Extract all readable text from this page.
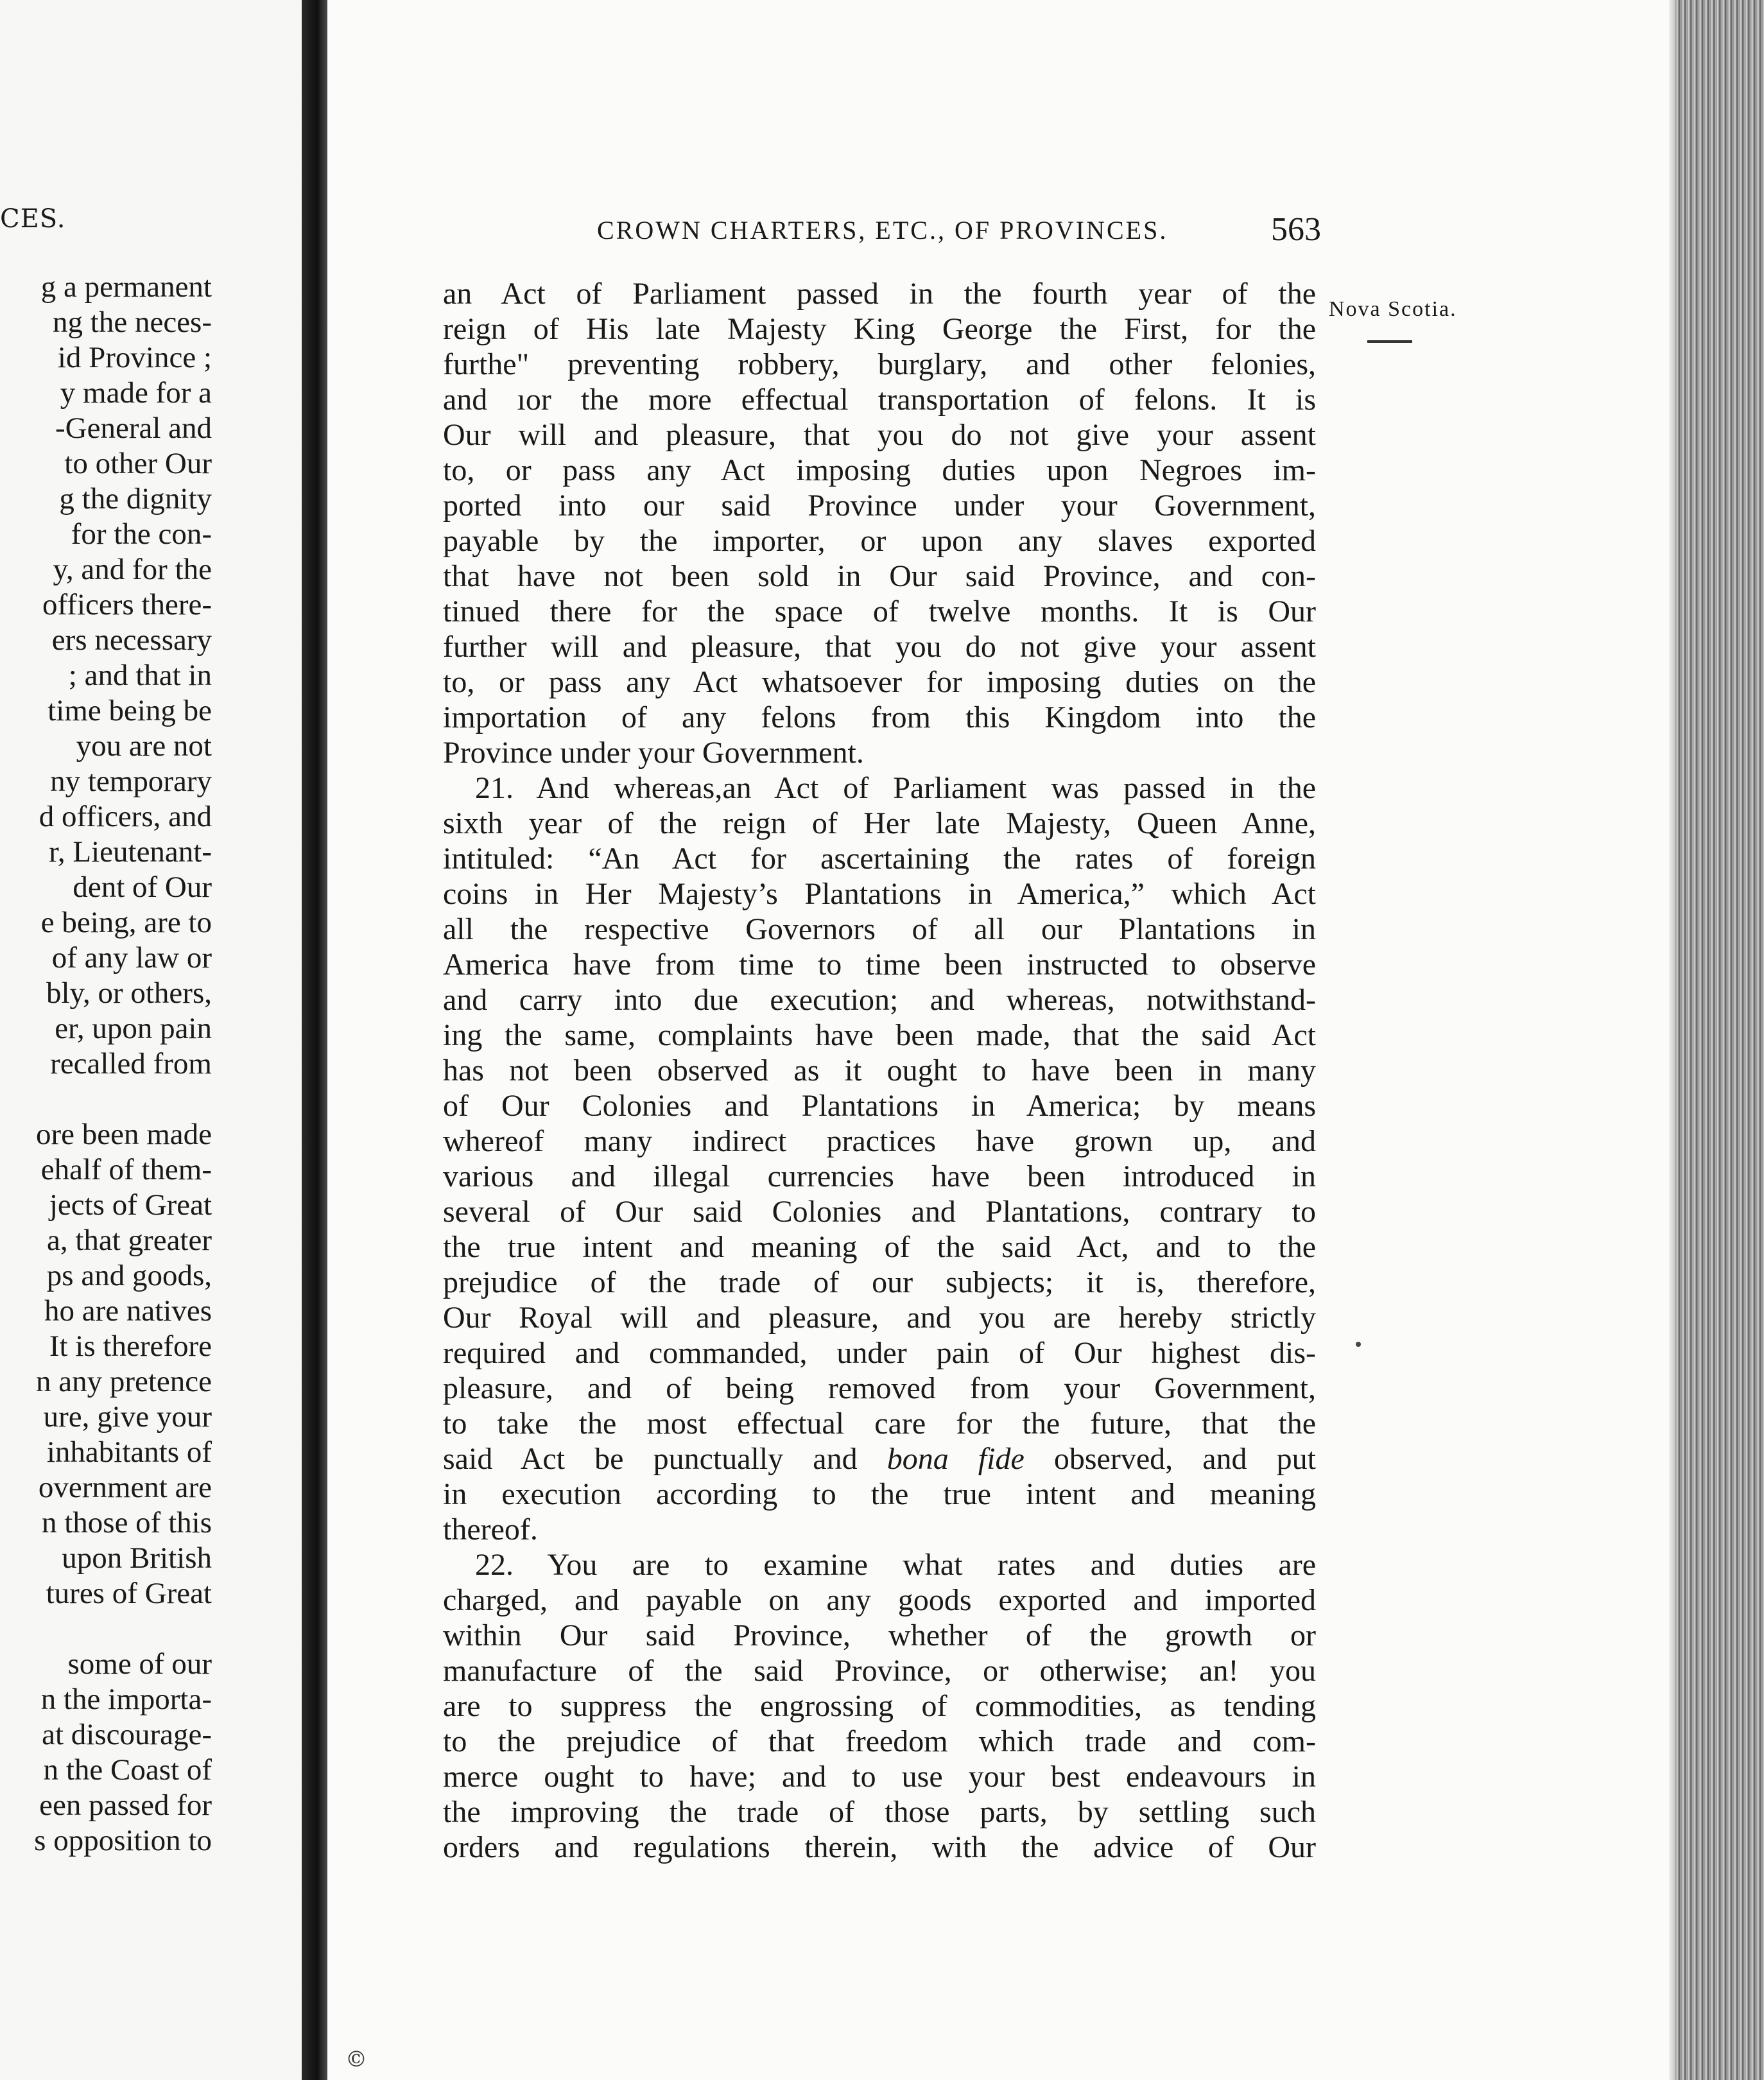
CES.
g a permanent
ng the neces-
id Province ;
y made for a
-General and
to other Our
g the dignity
for the con-
y, and for the
officers there-
ers necessary
; and that in
time being be
you are not
ny temporary
d officers, and
r, Lieutenant-
dent of Our
e being, are to
of any law or
bly, or others,
er, upon pain
recalled from
ore been made
ehalf of them-
jects of Great
a, that greater
ps and goods,
ho are natives
It is therefore
n any pretence
ure, give your
inhabitants of
overnment are
n those of this
upon British
tures of Great
some of our
n the importa-
at discourage-
n the Coast of
een passed for
s opposition to
CROWN CHARTERS, ETC., OF PROVINCES.	563
Nova Scotia.
an Act of Parliament passed in the fourth year of the
reign of His late Majesty King George the First, for the
furthe" preventing robbery, burglary, and other felonies,
and ıor the more effectual transportation of felons. It is
Our will and pleasure, that you do not give your assent
to, or pass any Act imposing duties upon Negroes im-
ported into our said Province under your Government,
payable by the importer, or upon any slaves exported
that have not been sold in Our said Province, and con-
tinued there for the space of twelve months. It is Our
further will and pleasure, that you do not give your assent
to, or pass any Act whatsoever for imposing duties on the
importation of any felons from this Kingdom into the
Province under your Government.
21. And whereas,an Act of Parliament was passed in the
sixth year of the reign of Her late Majesty, Queen Anne,
intituled: “An Act for ascertaining the rates of foreign
coins in Her Majesty’s Plantations in America,” which Act
all the respective Governors of all our Plantations in
America have from time to time been instructed to observe
and carry into due execution; and whereas, notwithstand-
ing the same, complaints have been made, that the said Act
has not been observed as it ought to have been in many
of Our Colonies and Plantations in America; by means
whereof many indirect practices have grown up, and
various and illegal currencies have been introduced in
several of Our said Colonies and Plantations, contrary to
the true intent and meaning of the said Act, and to the
prejudice of the trade of our subjects; it is, therefore,
Our Royal will and pleasure, and you are hereby strictly
required and commanded, under pain of Our highest dis-
pleasure, and of being removed from your Government,
to take the most effectual care for the future, that the
said Act be punctually and bona fide observed, and put
in execution according to the true intent and meaning
thereof.
22. You are to examine what rates and duties are
charged, and payable on any goods exported and imported
within Our said Province, whether of the growth or
manufacture of the said Province, or otherwise; an! you
are to suppress the engrossing of commodities, as tending
to the prejudice of that freedom which trade and com-
merce ought to have; and to use your best endeavours in
the improving the trade of those parts, by settling such
orders and regulations therein, with the advice of Our
©
